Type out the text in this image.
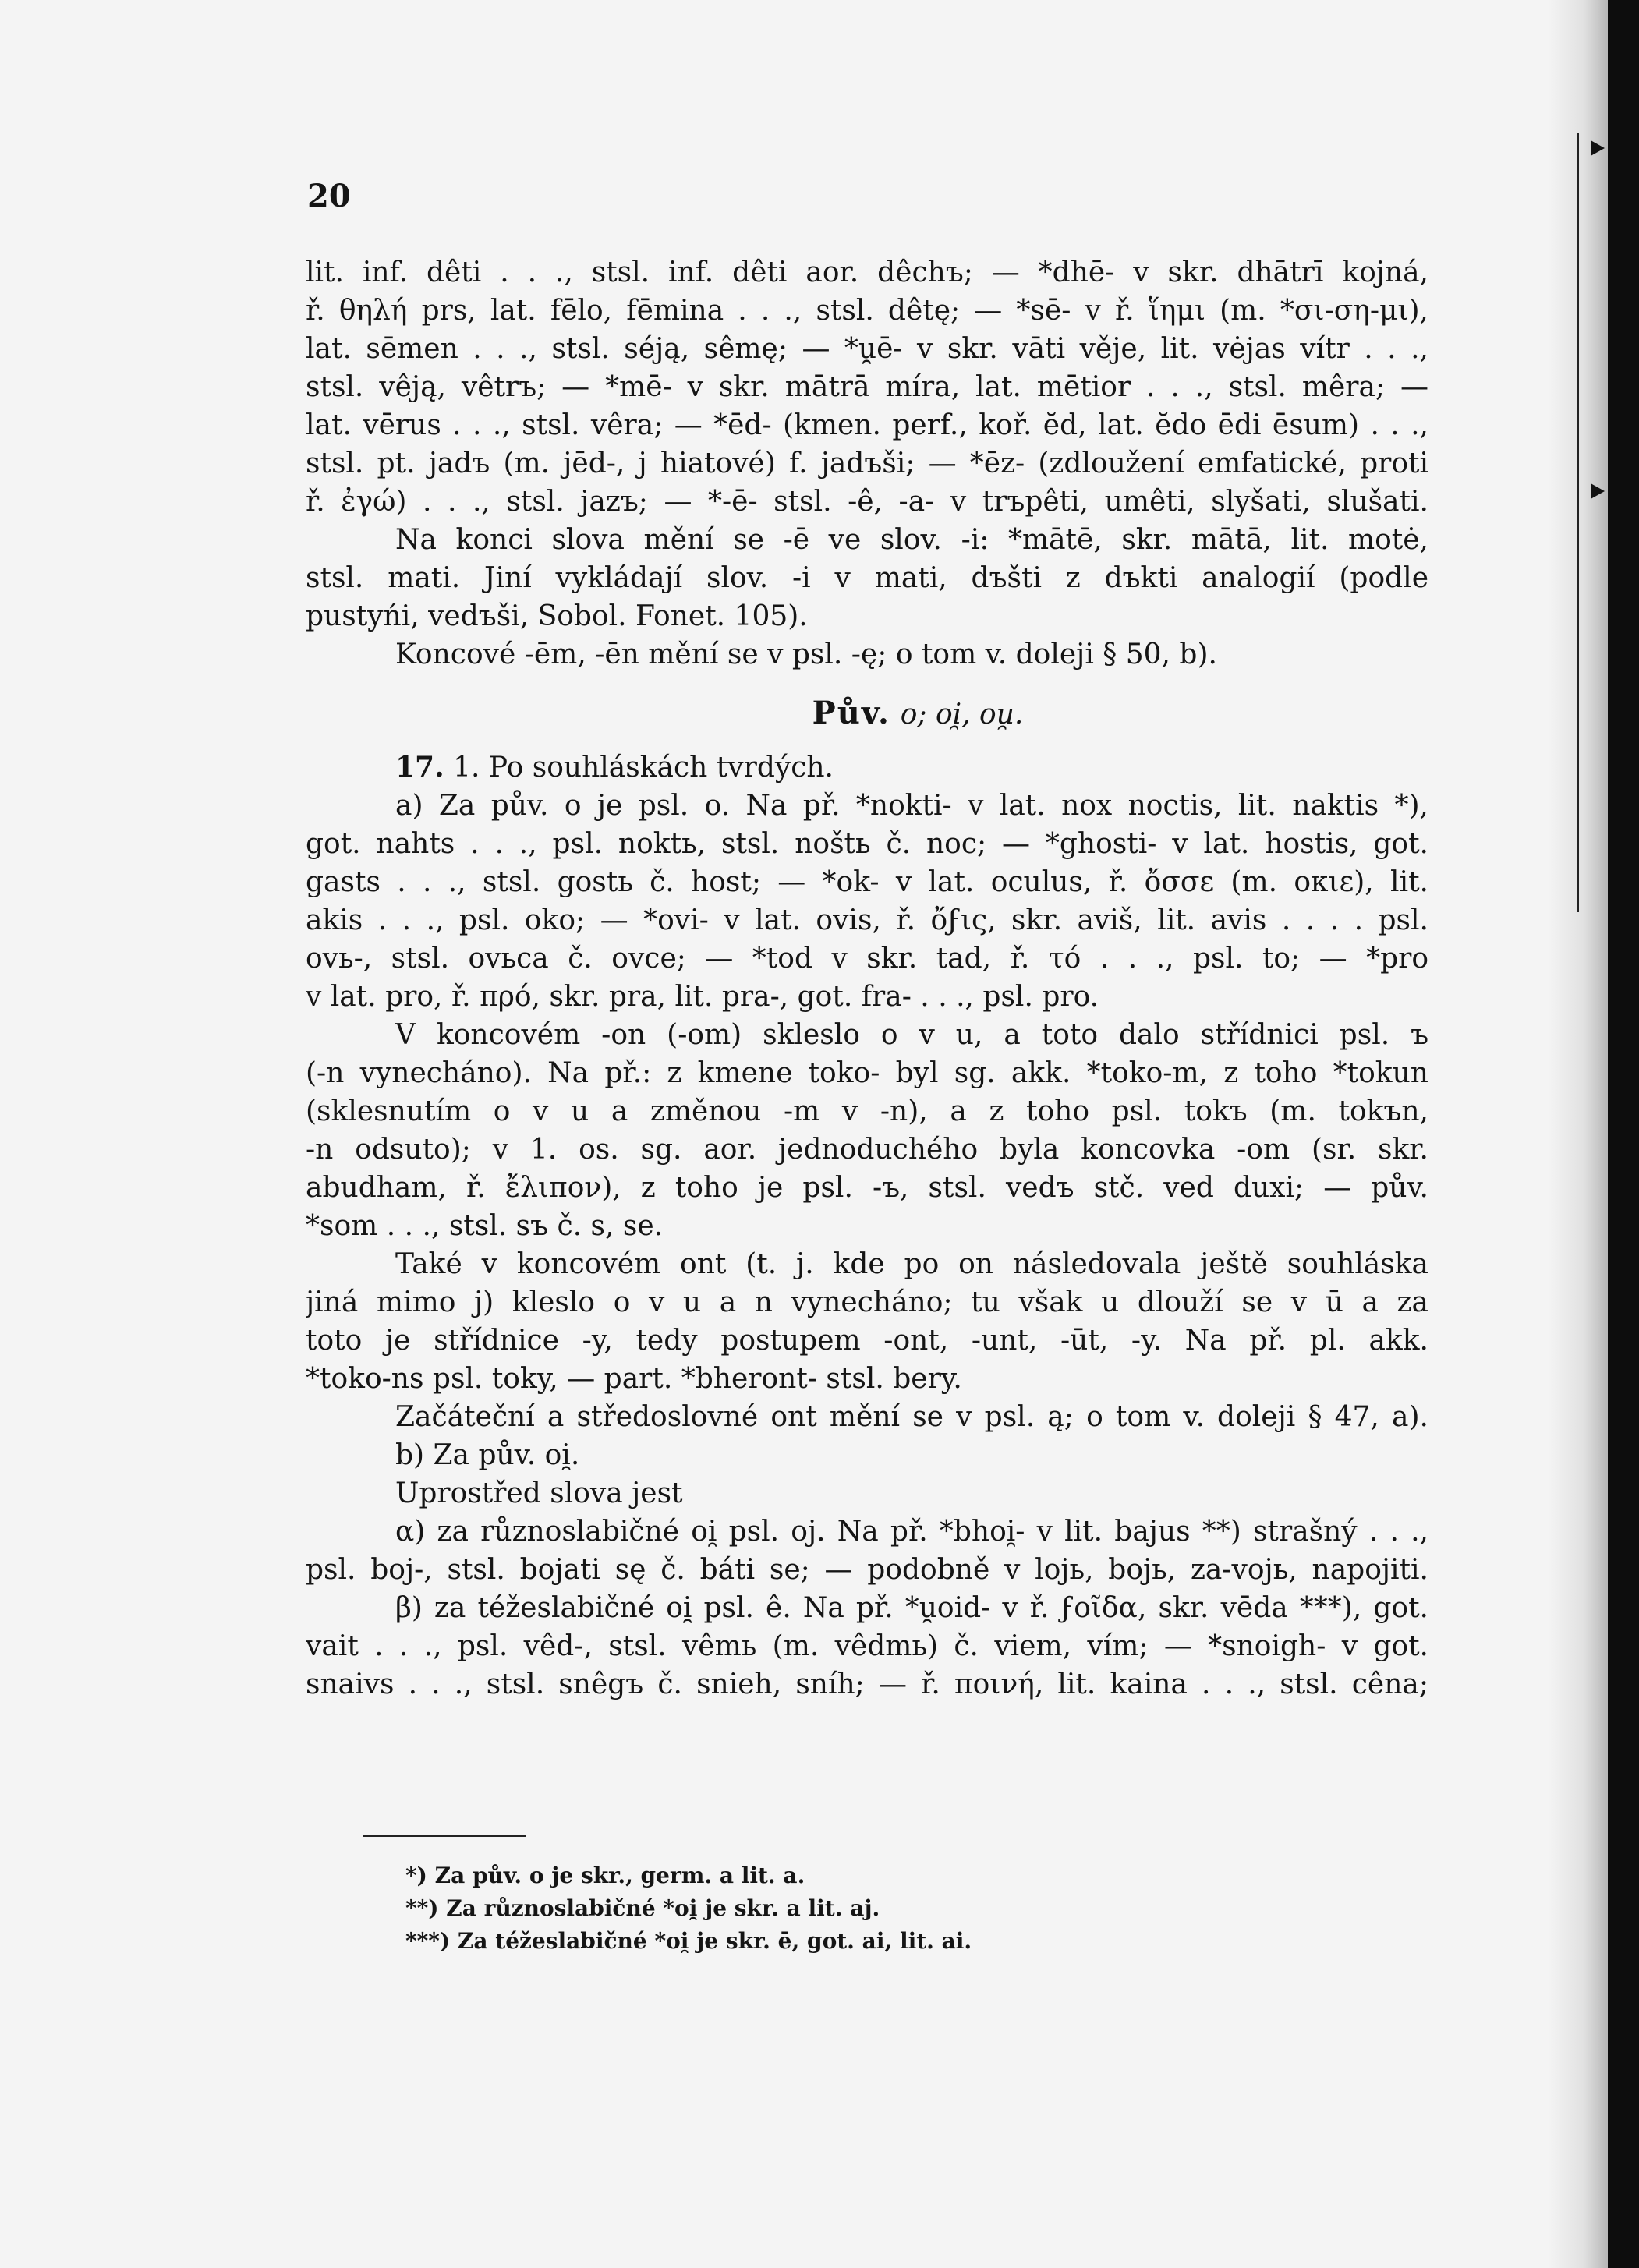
20

lit. inf. dêti . . ., stsl. inf. dêti aor. dêchъ; — *dhē- v skr. dhātrī kojná,

ř. θηλή prs, lat. fēlo, fēmina . . ., stsl. dêtę; — *sē- v ř. ἵημι (m. *σι-ση-μι),

lat. sēmen . . ., stsl. séją, sêmę; — *u̯ē- v skr. vāti věje, lit. vėjas vítr . . .,

stsl. vêją, vêtrъ; — *mē- v skr. mātrā míra, lat. mētior . . ., stsl. mêra; —

lat. vērus . . ., stsl. vêra; — *ēd- (kmen. perf., koř. ĕd, lat. ĕdo ēdi ēsum) . . .,

stsl. pt. jadъ (m. jēd-, j hiatové) f. jadъši; — *ēz- (zdloužení emfatické, proti

ř. ἐγώ) . . ., stsl. jazъ; — *-ē- stsl. -ê, -a- v trъpêti, umêti, slyšati, slušati.

Na konci slova mění se -ē ve slov. -i: *mātē, skr. mātā, lit. motė,

stsl. mati. Jiní vykládají slov. -i v mati, dъšti z dъkti analogií (podle

pustyńi, vedъši, Sobol. Fonet. 105).

Koncové -ēm, -ēn mění se v psl. -ę; o tom v. doleji § 50, b).

Pův. o; oi̯, ou̯.

17. 1. Po souhláskách tvrdých.

a) Za pův. o je psl. o. Na př. *nokti- v lat. nox noctis, lit. naktis *),

got. nahts . . ., psl. noktь, stsl. noštь č. noc; — *ghosti- v lat. hostis, got.

gasts . . ., stsl. gostь č. host; — *ok- v lat. oculus, ř. ὄσσε (m. οκιε), lit.

akis . . ., psl. oko; — *ovi- v lat. ovis, ř. ὄϝις, skr. aviš, lit. avis . . . . psl.

ovь-, stsl. ovьca č. ovce; — *tod v skr. tad, ř. τό . . ., psl. to; — *pro

v lat. pro, ř. πρό, skr. pra, lit. pra-, got. fra- . . ., psl. pro.

V koncovém -on (-om) skleslo o v u, a toto dalo střídnici psl. ъ

(-n vynecháno). Na př.: z kmene toko- byl sg. akk. *toko-m, z toho *tokun

(sklesnutím o v u a změnou -m v -n), a z toho psl. tokъ (m. tokъn,

-n odsuto); v 1. os. sg. aor. jednoduchého byla koncovka -om (sr. skr.

abudham, ř. ἔλιπον), z toho je psl. -ъ, stsl. vedъ stč. ved duxi; — pův.

*som . . ., stsl. sъ č. s, se.

Také v koncovém ont (t. j. kde po on následovala ještě souhláska

jiná mimo j) kleslo o v u a n vynecháno; tu však u dlouží se v ū a za

toto je střídnice -y, tedy postupem -ont, -unt, -ūt, -y. Na př. pl. akk.

*toko-ns psl. toky, — part. *bheront- stsl. bery.

Začáteční a středoslovné ont mění se v psl. ą; o tom v. doleji § 47, a).

b) Za pův. oi̯.

Uprostřed slova jest

α) za různoslabičné oi̯ psl. oj. Na př. *bhoi̯- v lit. bajus **) strašný . . .,

psl. boj-, stsl. bojati sę č. báti se; — podobně v lojь, bojь, za-vojь, napojiti.

β) za téžeslabičné oi̯ psl. ê. Na př. *u̯oid- v ř. ϝοῖδα, skr. vēda ***), got.

vait . . ., psl. vêd-, stsl. vêmь (m. vêdmь) č. viem, vím; — *snoigh- v got.

snaivs . . ., stsl. snêgъ č. snieh, sníh; — ř. ποινή, lit. kaina . . ., stsl. cêna;

*) Za pův. o je skr., germ. a lit. a.

**) Za různoslabičné *oi̯ je skr. a lit. aj.

***) Za téžeslabičné *oi̯ je skr. ē, got. ai, lit. ai.
